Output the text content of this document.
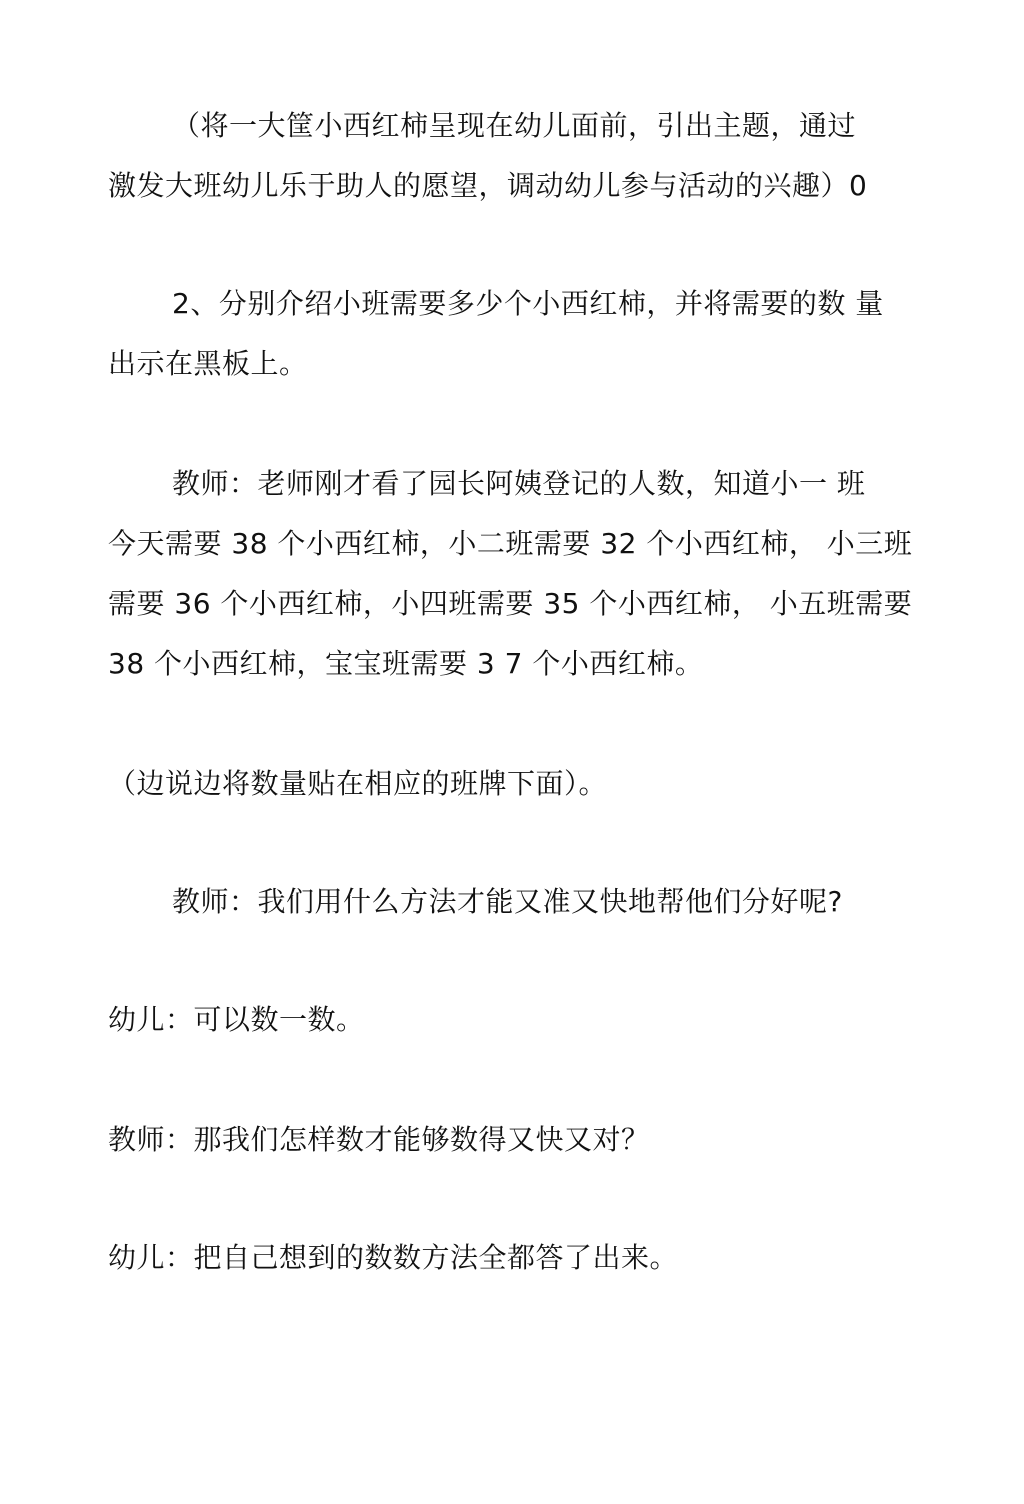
（将一大筐小西红柿呈现在幼儿面前，引出主题，通过
激发大班幼儿乐于助人的愿望，调动幼儿参与活动的兴趣）0
2、分别介绍小班需要多少个小西红柿，并将需要的数 量
出示在黑板上。
教师：老师刚才看了园长阿姨登记的人数，知道小一 班
今天需要 38 个小西红柿，小二班需要 32 个小西红柿， 小三班
需要 36 个小西红柿，小四班需要 35 个小西红柿， 小五班需要
38 个小西红柿，宝宝班需要 3 7 个小西红柿。
（边说边将数量贴在相应的班牌下面）。
教师：我们用什么方法才能又准又快地帮他们分好呢?
幼儿：可以数一数。
教师：那我们怎样数才能够数得又快又对？
幼儿：把自己想到的数数方法全都答了出来。
